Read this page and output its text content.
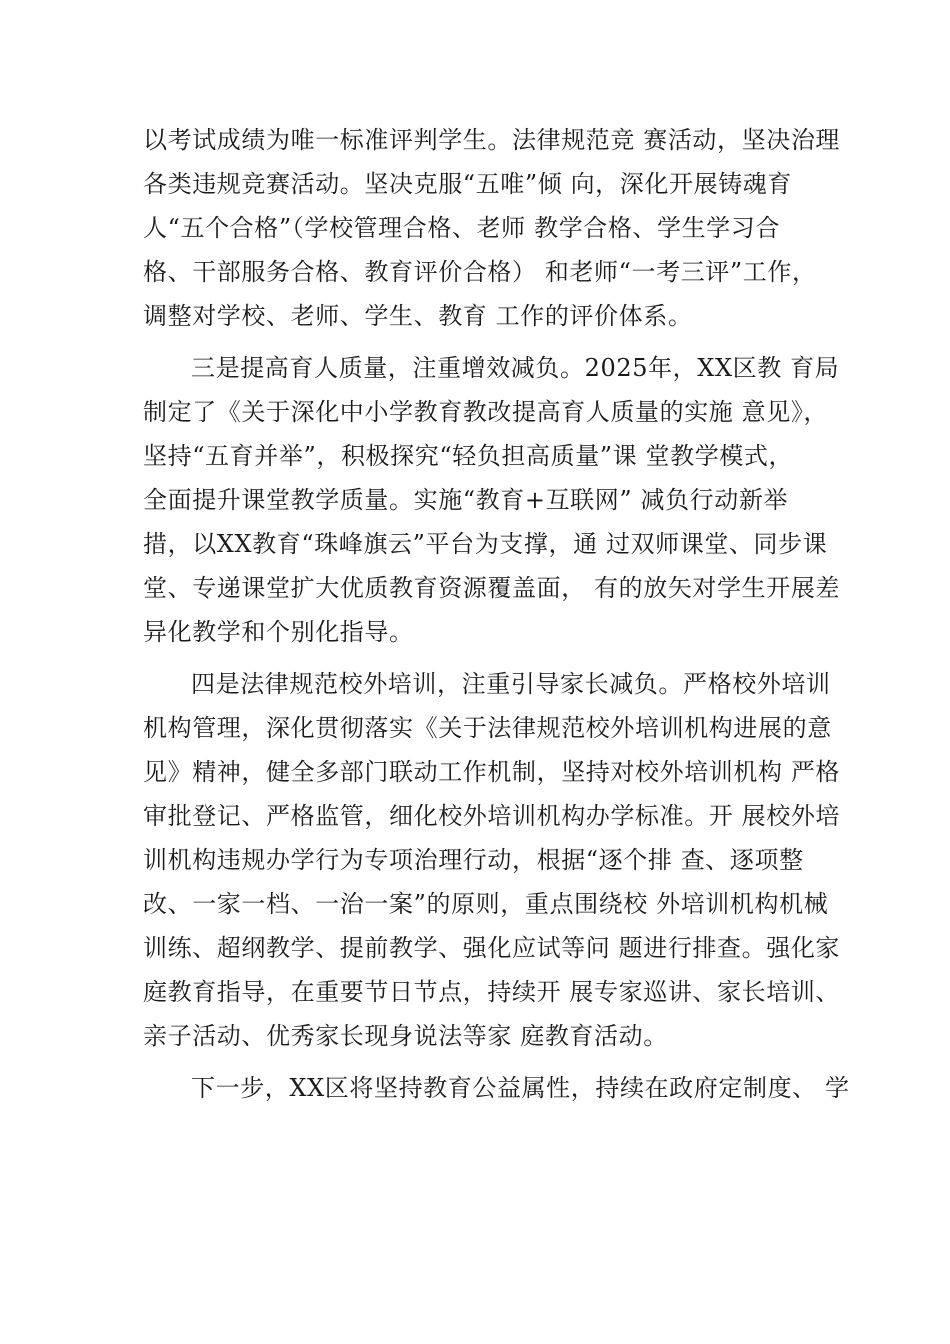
以考试成绩为唯一标准评判学生。法律规范竞 赛活动，坚决治理
各类违规竞赛活动。坚决克服“五唯”倾 向，深化开展铸魂育
人“五个合格”（学校管理合格、老师 教学合格、学生学习合
格、干部服务合格、教育评价合格） 和老师“一考三评”工作，
调整对学校、老师、学生、教育 工作的评价体系。
三是提高育人质量，注重增效减负。2025年，XX区教 育局
制定了《关于深化中小学教育教改提高育人质量的实施 意见》，
坚持“五育并举”，积极探究“轻负担高质量”课 堂教学模式，
全面提升课堂教学质量。实施“教育+互联网” 减负行动新举
措，以XX教育“珠峰旗云”平台为支撑，通 过双师课堂、同步课
堂、专递课堂扩大优质教育资源覆盖面， 有的放矢对学生开展差
异化教学和个别化指导。
四是法律规范校外培训，注重引导家长减负。严格校外培训
机构管理，深化贯彻落实《关于法律规范校外培训机构进展的意
见》精神，健全多部门联动工作机制，坚持对校外培训机构 严格
审批登记、严格监管，细化校外培训机构办学标准。开 展校外培
训机构违规办学行为专项治理行动，根据“逐个排 查、逐项整
改、一家一档、一治一案”的原则，重点围绕校 外培训机构机械
训练、超纲教学、提前教学、强化应试等问 题进行排查。强化家
庭教育指导，在重要节日节点，持续开 展专家巡讲、家长培训、
亲子活动、优秀家长现身说法等家 庭教育活动。
下一步，XX区将坚持教育公益属性，持续在政府定制度、 学
